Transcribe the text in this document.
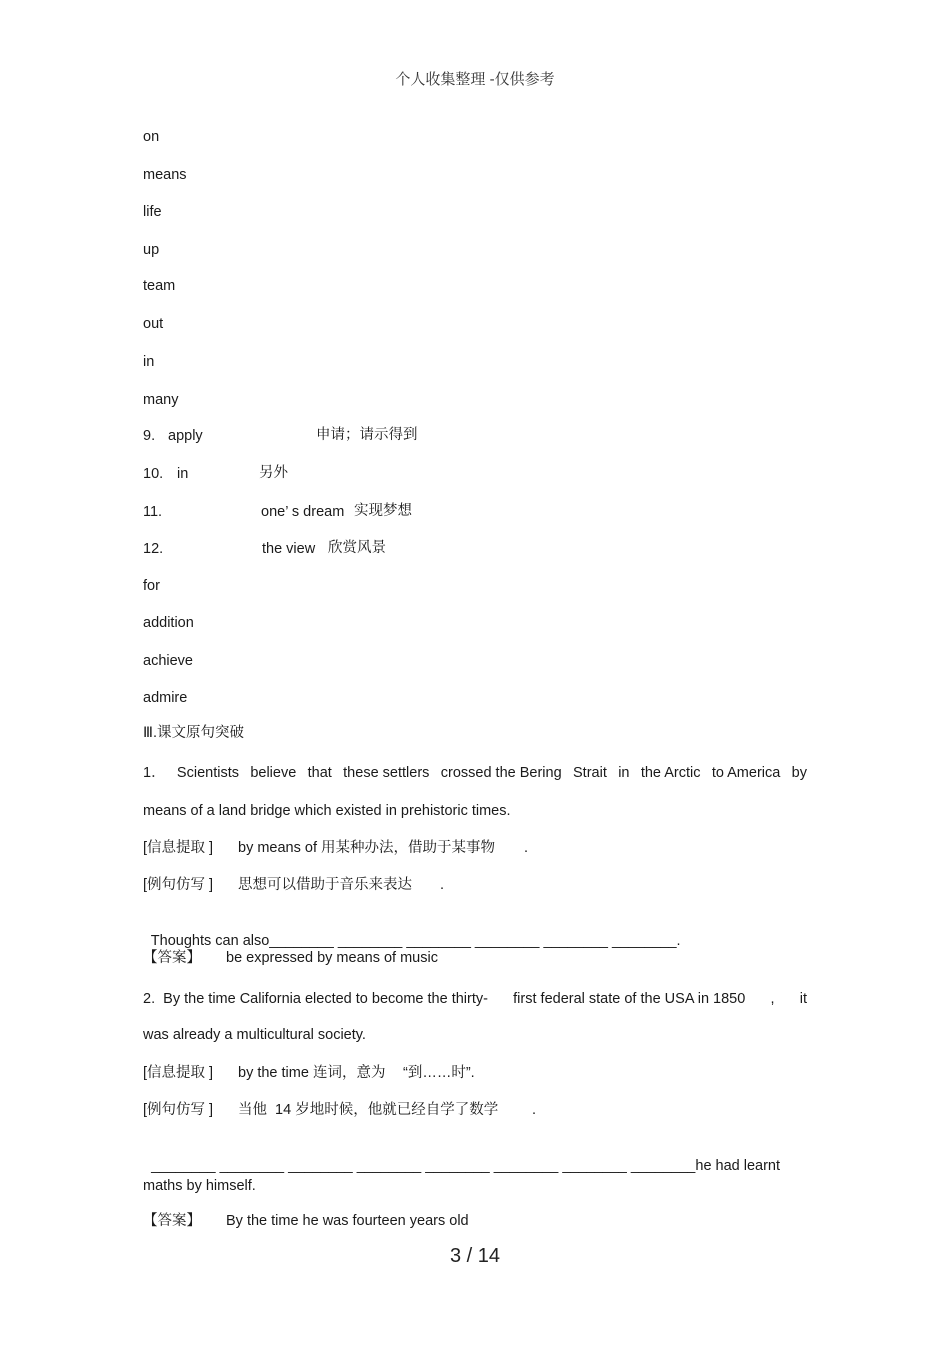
个人收集整理 -仅供参考
on
means
life
up
team
out
in
many
9. apply	申请；请示得到
10. in	另外
11.	one’ s dream 实现梦想
12.	the view 欣赏风景
for
addition
achieve
admire
Ⅲ.课文原句突破
1． Scientists believe that these settlers crossed the Bering Strait in the Arctic to America by
means of a land bridge which existed in prehistoric times.
[信息提取 ] by means of 用某种办法，借助于某事物 .
[例句仿写 ] 思想可以借助于音乐来表达 .

Thoughts can also________ ________ ________ ________ ________ ________.

【答案】 be expressed by means of music
2.  By the time California elected to become the thirty- first federal state of the USA in 1850 , it
was already a multicultural society.
[信息提取 ] by the time 连词，意为 “到……时”.
[例句仿写 ] 当他  14 岁地时候，他就已经自学了数学 .

________ ________ ________ ________ ________ ________ ________ ________he had learnt

maths by himself.
【答案】 By the time he was fourteen years old
3 / 14
